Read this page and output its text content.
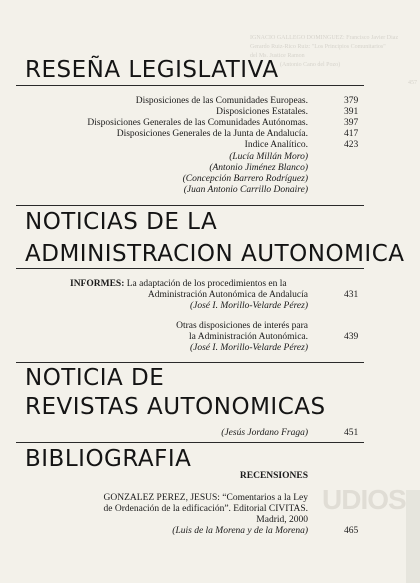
IGNACIO GALLEGO DOMINGUEZ: Francisco Javier Díaz
Gerardo Ruiz-Rico Ruiz: "Los Principios Comunitarios"
del Ms. Justice Ramon
(Antonio Cano del Pozo)
457
UDIOS
RESEÑA LEGISLATIVA
Disposiciones de las Comunidades Europeas.	379
Disposiciones Estatales.	391
Disposiciones Generales de las Comunidades Autónomas.	397
Disposiciones Generales de la Junta de Andalucía.	417
Indice Analítico.	423
(Lucía Millán Moro)
(Antonio Jiménez Blanco)
(Concepción Barrero Rodríguez)
(Juan Antonio Carrillo Donaire)
NOTICIAS DE LA
ADMINISTRACION AUTONOMICA
INFORMES: La adaptación de los procedimientos en la
Administración Autonómica de Andalucía	431
(José I. Morillo-Velarde Pérez)
Otras disposiciones de interés para
la Administración Autonómica.	439
(José I. Morillo-Velarde Pérez)
NOTICIA DE
REVISTAS AUTONOMICAS
(Jesús Jordano Fraga)	451
BIBLIOGRAFIA
RECENSIONES
GONZALEZ PEREZ, JESUS: “Comentarios a la Ley
de Ordenación de la edificación”. Editorial CIVITAS.
Madrid, 2000
(Luis de la Morena y de la Morena)	465
